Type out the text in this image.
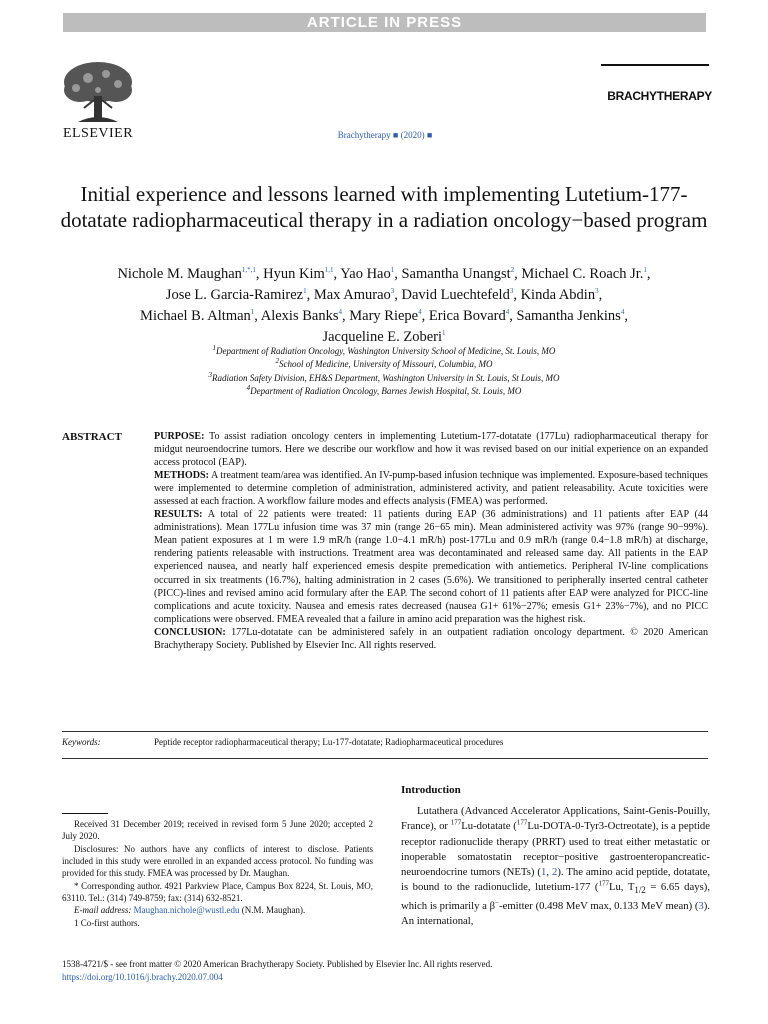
ARTICLE IN PRESS
ELSEVIER	Brachytherapy ■ (2020) ■
BRACHYTHERAPY
Initial experience and lessons learned with implementing Lutetium-177-dotatate radiopharmaceutical therapy in a radiation oncology−based program
Nichole M. Maughan$^{1,*,1}$, Hyun Kim$^{1,1}$, Yao Hao$^1$, Samantha Unangst$^2$, Michael C. Roach Jr.$^1$,
Jose L. Garcia-Ramirez$^1$, Max Amurao$^3$, David Luechtefeld$^3$, Kinda Abdin$^3$,
Michael B. Altman$^1$, Alexis Banks$^4$, Mary Riepe$^4$, Erica Bovard$^4$, Samantha Jenkins$^4$,
Jacqueline E. Zoberi$^1$
$^1$Department of Radiation Oncology, Washington University School of Medicine, St. Louis, MO
$^2$School of Medicine, University of Missouri, Columbia, MO
$^3$Radiation Safety Division, EH&S Department, Washington University in St. Louis, St Louis, MO
$^4$Department of Radiation Oncology, Barnes Jewish Hospital, St. Louis, MO
ABSTRACT	PURPOSE: To assist radiation oncology centers in implementing Lutetium-177-dotatate (177Lu) radiopharmaceutical therapy for midgut neuroendocrine tumors. Here we describe our workflow and how it was revised based on our initial experience on an expanded access protocol (EAP).

METHODS: A treatment team/area was identified. An IV-pump-based infusion technique was implemented. Exposure-based techniques were implemented to determine completion of administration, administered activity, and patient releasability. Acute toxicities were assessed at each fraction. A workflow failure modes and effects analysis (FMEA) was performed.

RESULTS: A total of 22 patients were treated: 11 patients during EAP (36 administrations) and 11 patients after EAP (44 administrations). Mean 177Lu infusion time was 37 min (range 26−65 min). Mean administered activity was 97% (range 90−99%). Mean patient exposures at 1 m were 1.9 mR/h (range 1.0−4.1 mR/h) post-177Lu and 0.9 mR/h (range 0.4−1.8 mR/h) at discharge, rendering patients releasable with instructions. Treatment area was decontaminated and released same day. All patients in the EAP experienced nausea, and nearly half experienced emesis despite premedication with antiemetics. Peripheral IV-line complications occurred in six treatments (16.7%), halting administration in 2 cases (5.6%). We transitioned to peripherally inserted central catheter (PICC)-lines and revised amino acid formulary after the EAP. The second cohort of 11 patients after EAP were analyzed for PICC-line complications and acute toxicity. Nausea and emesis rates decreased (nausea G1+ 61%−27%; emesis G1+ 23%−7%), and no PICC complications were observed. FMEA revealed that a failure in amino acid preparation was the highest risk.

CONCLUSION: 177Lu-dotatate can be administered safely in an outpatient radiation oncology department. © 2020 American Brachytherapy Society. Published by Elsevier Inc. All rights reserved.

Keywords:	Peptide receptor radiopharmaceutical therapy; Lu-177-dotatate; Radiopharmaceutical procedures

Received 31 December 2019; received in revised form 5 June 2020; accepted 2 July 2020.

Disclosures: No authors have any conflicts of interest to disclose. Patients included in this study were enrolled in an expanded access protocol. No funding was provided for this study. FMEA was processed by Dr. Maughan.

* Corresponding author. 4921 Parkview Place, Campus Box 8224, St. Louis, MO, 63110. Tel.: (314) 749-8759; fax: (314) 632-8521.

E-mail address: Maughan.nichole@wustl.edu (N.M. Maughan).

1 Co-first authors.

Introduction
Lutathera (Advanced Accelerator Applications, Saint-Genis-Pouilly, France), or $^{177}$Lu-dotatate ($^{177}$Lu-DOTA-0-Tyr3-Octreotate), is a peptide receptor radionuclide therapy (PRRT) used to treat either metastatic or inoperable somatostatin receptor−positive gastroenteropancreatic-neuroendocrine tumors (NETs) (1, 2). The amino acid peptide, dotatate, is bound to the radionuclide, lutetium-177 ($^{177}$Lu, $T_{1/2} = 6.65$ days), which is primarily a β−-emitter (0.498 MeV max, 0.133 MeV mean) (3). An international,
1538-4721/$ - see front matter © 2020 American Brachytherapy Society. Published by Elsevier Inc. All rights reserved.
https://doi.org/10.1016/j.brachy.2020.07.004
